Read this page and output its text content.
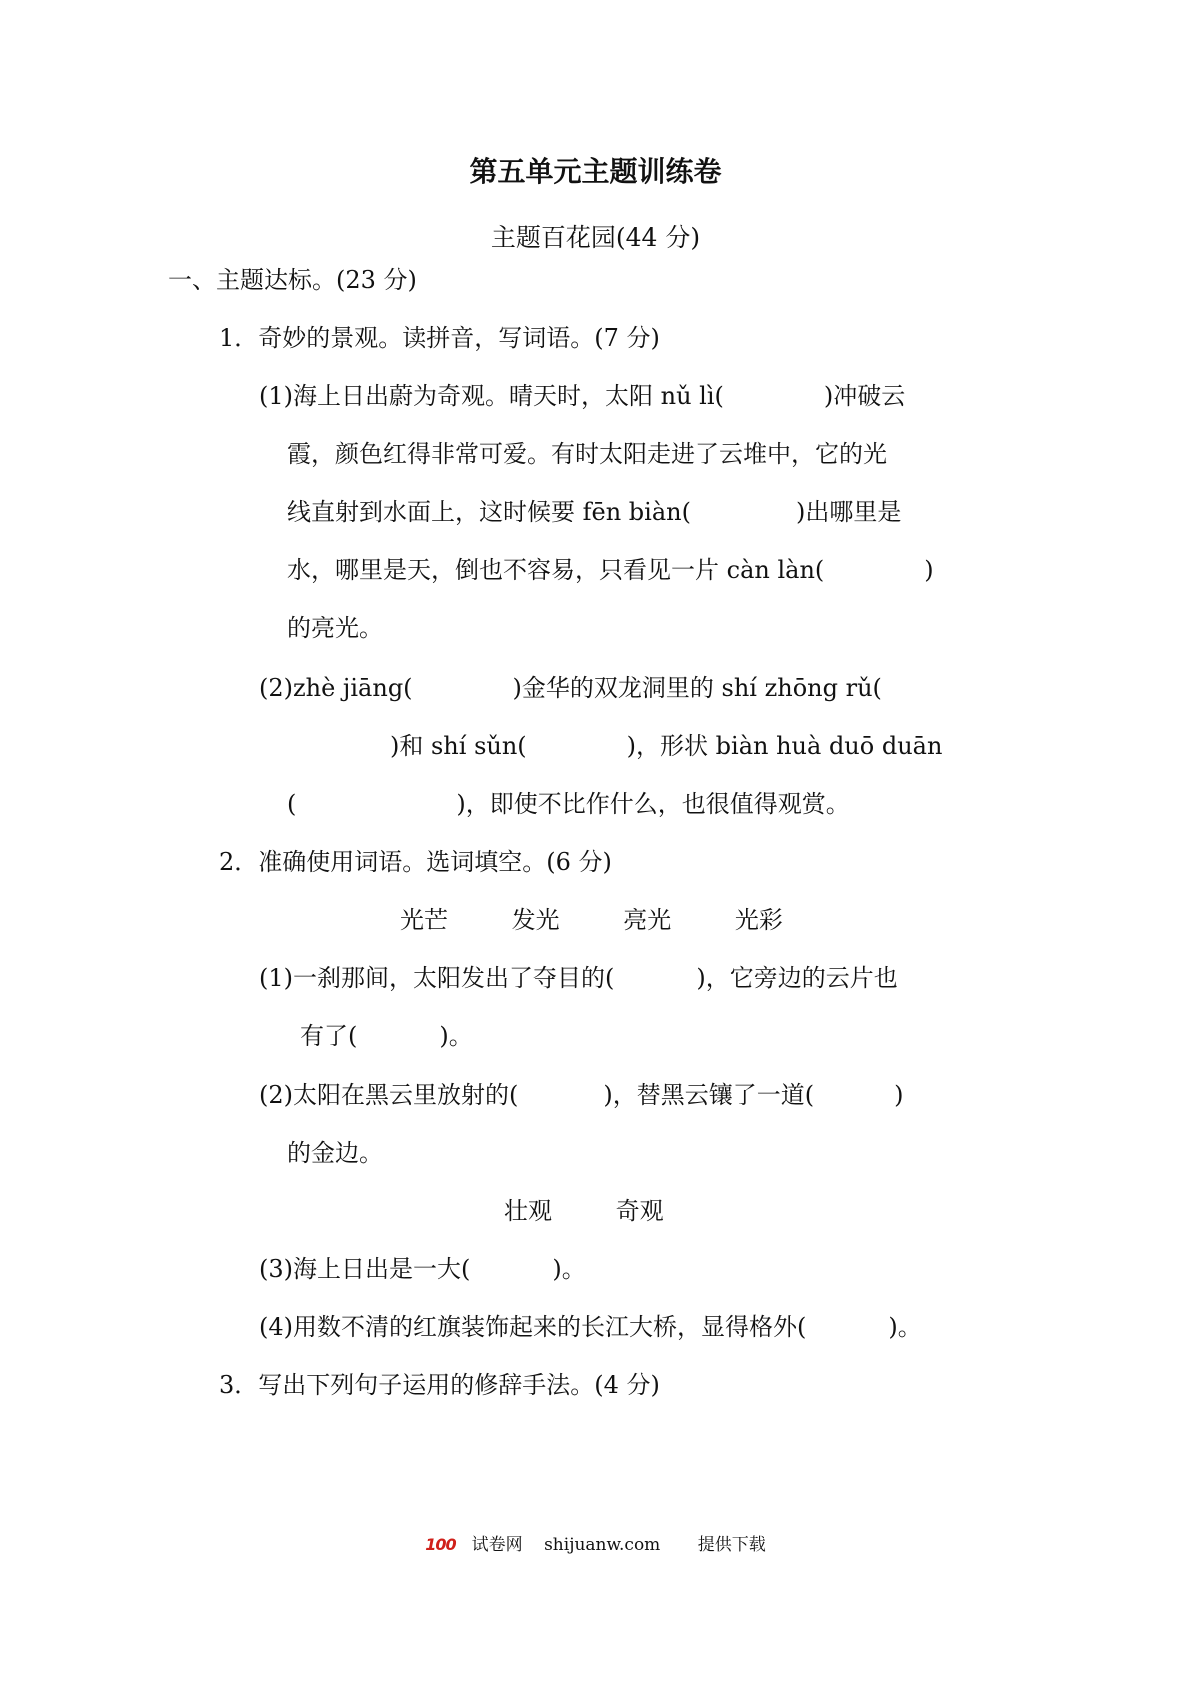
第五单元主题训练卷
主题百花园(44 分)
一、主题达标。(23 分)
1．奇妙的景观。读拼音，写词语。(7 分)
(1)海上日出蔚为奇观。晴天时，太阳 nǔ lì(	)冲破云
霞，颜色红得非常可爱。有时太阳走进了云堆中，它的光
线直射到水面上，这时候要 fēn biàn(	)出哪里是
水，哪里是天，倒也不容易，只看见一片 càn làn(	)
的亮光。
(2)zhè jiāng(	)金华的双龙洞里的 shí zhōng rǔ(
)和 shí sǔn(	)，形状 biàn huà duō duān
(	)，即使不比作什么，也很值得观赏。
2．准确使用词语。选词填空。(6 分)
光芒	发光	亮光	光彩
(1)一刹那间，太阳发出了夺目的(	)，它旁边的云片也
有了(	)。
(2)太阳在黑云里放射的(	)，替黑云镶了一道(	)
的金边。
壮观	奇观
(3)海上日出是一大(	)。
(4)用数不清的红旗装饰起来的长江大桥，显得格外(	)。
3．写出下列句子运用的修辞手法。(4 分)
100 试卷网 shijuanw.com 提供下载
